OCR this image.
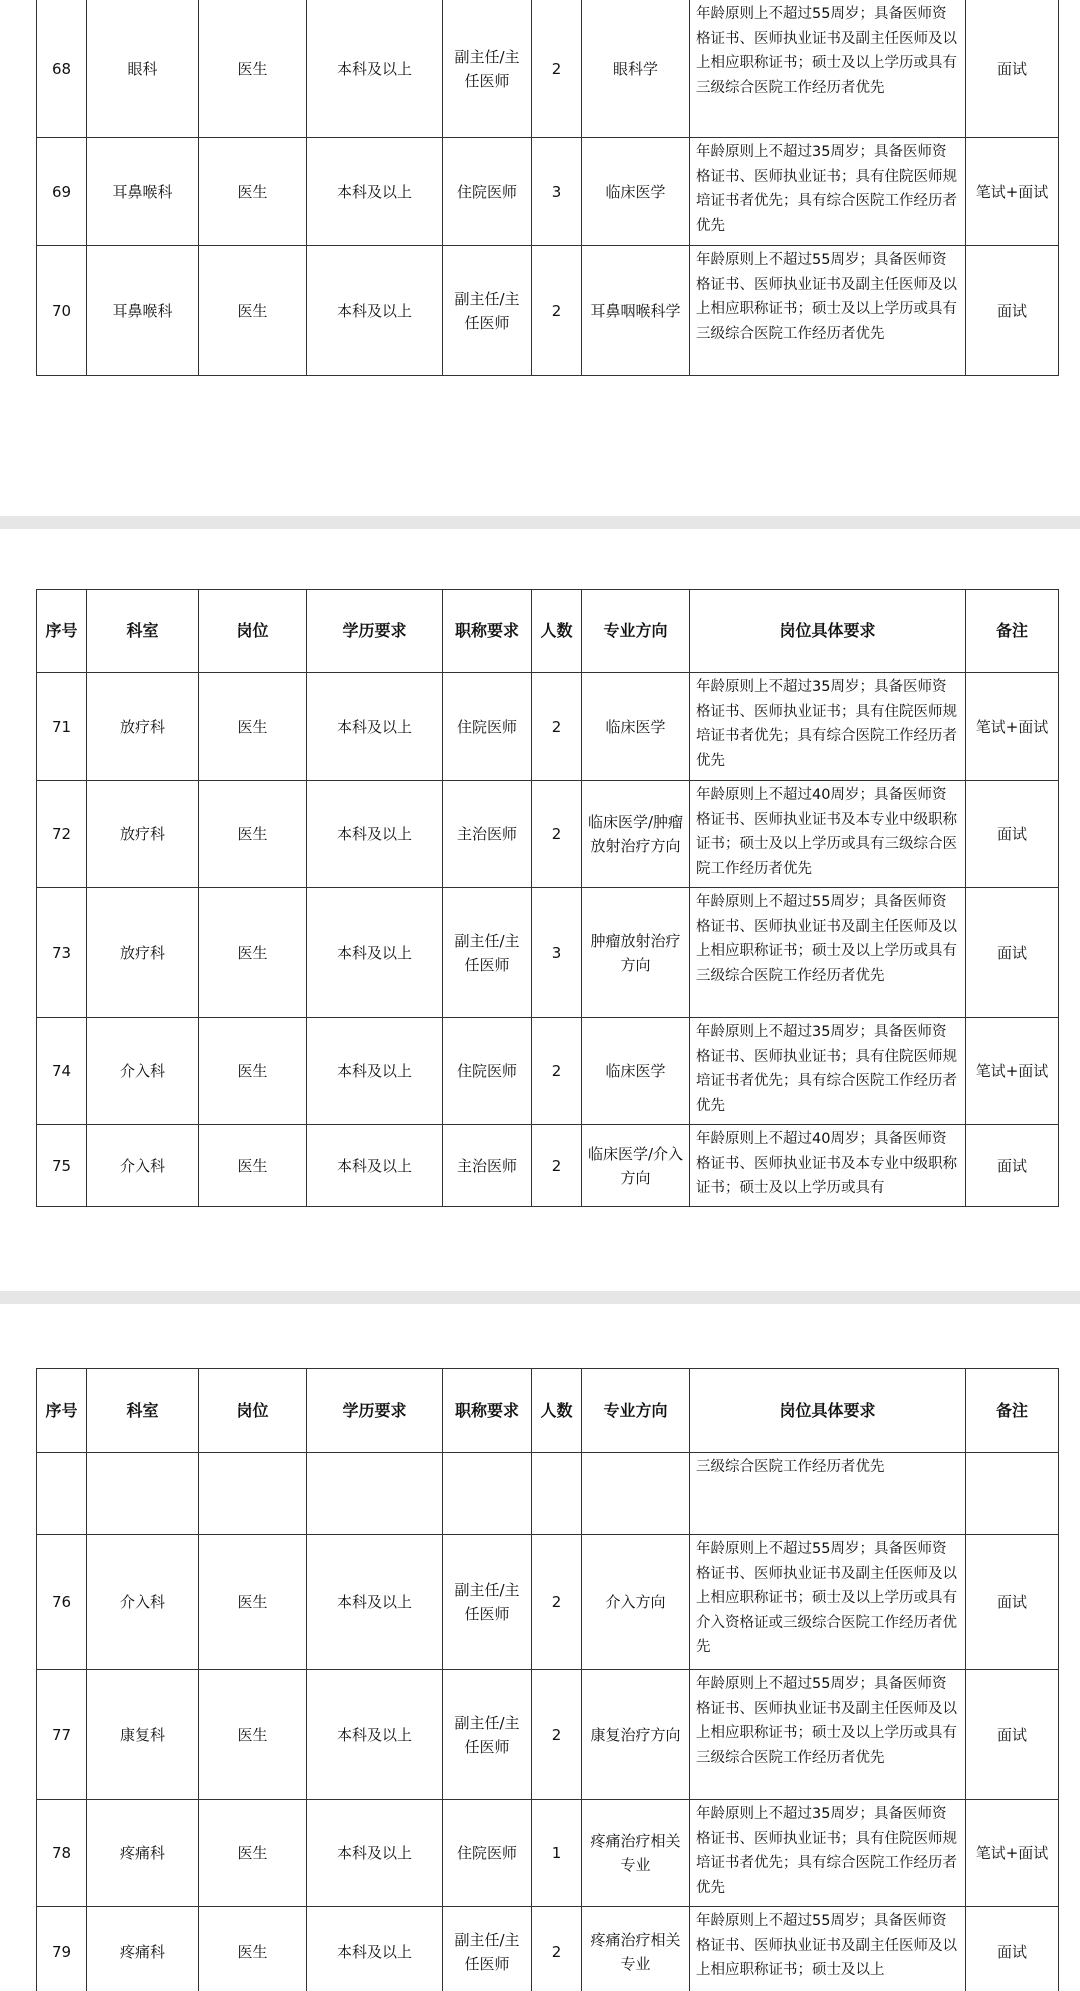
68	眼科	医生	本科及以上	副主任/主任医师	2	眼科学	年龄原则上不超过55周岁；具备医师资格证书、医师执业证书及副主任医师及以上相应职称证书；硕士及以上学历或具有三级综合医院工作经历者优先	面试
69	耳鼻喉科	医生	本科及以上	住院医师	3	临床医学	年龄原则上不超过35周岁；具备医师资格证书、医师执业证书；具有住院医师规培证书者优先；具有综合医院工作经历者优先	笔试+面试
70	耳鼻喉科	医生	本科及以上	副主任/主任医师	2	耳鼻咽喉科学	年龄原则上不超过55周岁；具备医师资格证书、医师执业证书及副主任医师及以上相应职称证书；硕士及以上学历或具有三级综合医院工作经历者优先	面试
序号	科室	岗位	学历要求	职称要求	人数	专业方向	岗位具体要求	备注
71	放疗科	医生	本科及以上	住院医师	2	临床医学	年龄原则上不超过35周岁；具备医师资格证书、医师执业证书；具有住院医师规培证书者优先；具有综合医院工作经历者优先	笔试+面试
72	放疗科	医生	本科及以上	主治医师	2	临床医学/肿瘤放射治疗方向	年龄原则上不超过40周岁；具备医师资格证书、医师执业证书及本专业中级职称证书；硕士及以上学历或具有三级综合医院工作经历者优先	面试
73	放疗科	医生	本科及以上	副主任/主任医师	3	肿瘤放射治疗方向	年龄原则上不超过55周岁；具备医师资格证书、医师执业证书及副主任医师及以上相应职称证书；硕士及以上学历或具有三级综合医院工作经历者优先	面试
74	介入科	医生	本科及以上	住院医师	2	临床医学	年龄原则上不超过35周岁；具备医师资格证书、医师执业证书；具有住院医师规培证书者优先；具有综合医院工作经历者优先	笔试+面试
75	介入科	医生	本科及以上	主治医师	2	临床医学/介入方向	年龄原则上不超过40周岁；具备医师资格证书、医师执业证书及本专业中级职称证书；硕士及以上学历或具有	面试
序号	科室	岗位	学历要求	职称要求	人数	专业方向	岗位具体要求	备注
							三级综合医院工作经历者优先	
76	介入科	医生	本科及以上	副主任/主任医师	2	介入方向	年龄原则上不超过55周岁；具备医师资格证书、医师执业证书及副主任医师及以上相应职称证书；硕士及以上学历或具有介入资格证或三级综合医院工作经历者优先	面试
77	康复科	医生	本科及以上	副主任/主任医师	2	康复治疗方向	年龄原则上不超过55周岁；具备医师资格证书、医师执业证书及副主任医师及以上相应职称证书；硕士及以上学历或具有三级综合医院工作经历者优先	面试
78	疼痛科	医生	本科及以上	住院医师	1	疼痛治疗相关专业	年龄原则上不超过35周岁；具备医师资格证书、医师执业证书；具有住院医师规培证书者优先；具有综合医院工作经历者优先	笔试+面试
79	疼痛科	医生	本科及以上	副主任/主任医师	2	疼痛治疗相关专业	年龄原则上不超过55周岁；具备医师资格证书、医师执业证书及副主任医师及以上相应职称证书；硕士及以上	面试
